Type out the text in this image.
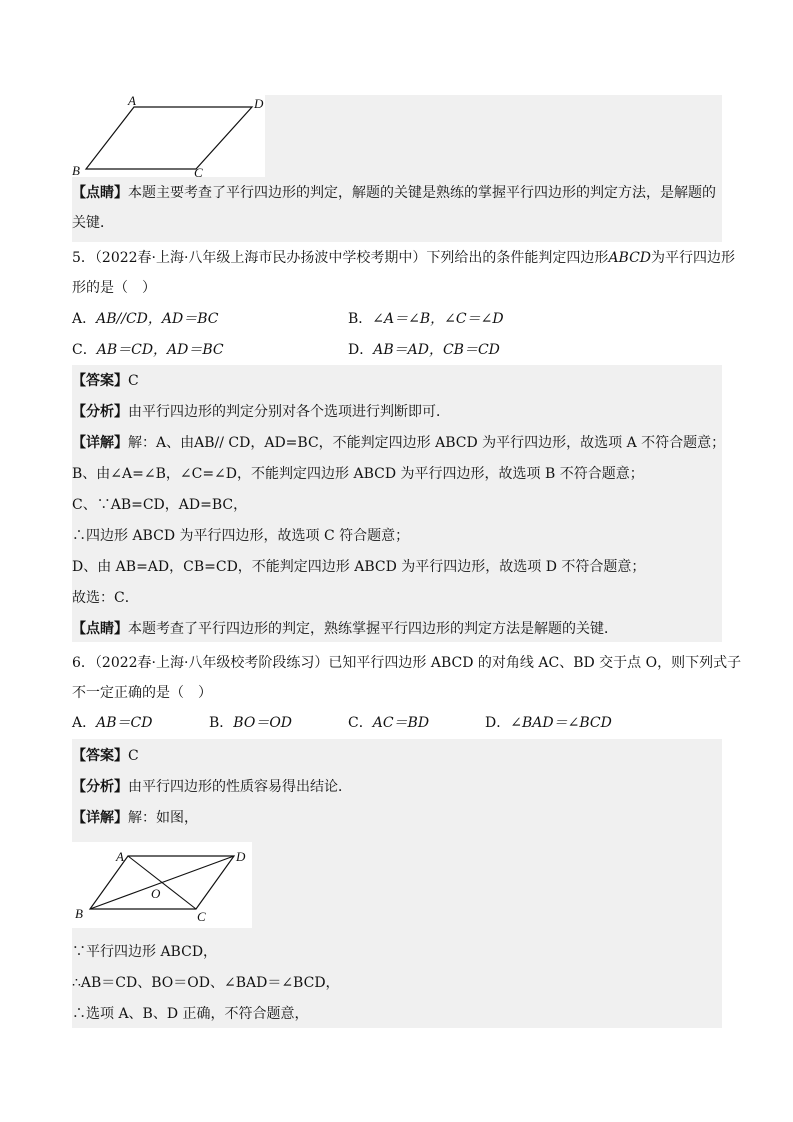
A	D
B	C
【点睛】本题主要考查了平行四边形的判定，解题的关键是熟练的掌握平行四边形的判定方法，是解题的
关键．
5．（2022春·上海·八年级上海市民办扬波中学校考期中）下列给出的条件能判定四边形ABCD为平行四边形
形的是（　）
A．AB//CD，AD＝BC	B．∠A＝∠B，∠C＝∠D
C．AB＝CD，AD＝BC	D．AB＝AD，CB＝CD
【答案】C
【分析】由平行四边形的判定分别对各个选项进行判断即可．
【详解】解：A、由AB// CD，AD=BC，不能判定四边形 ABCD 为平行四边形，故选项 A 不符合题意；
B、由∠A=∠B，∠C=∠D，不能判定四边形 ABCD 为平行四边形，故选项 B 不符合题意；
C、∵AB=CD，AD=BC，
∴四边形 ABCD 为平行四边形，故选项 C 符合题意；
D、由 AB=AD，CB=CD，不能判定四边形 ABCD 为平行四边形，故选项 D 不符合题意；
故选：C．
【点睛】本题考查了平行四边形的判定，熟练掌握平行四边形的判定方法是解题的关键．
6．（2022春·上海·八年级校考阶段练习）已知平行四边形 ABCD 的对角线 AC、BD 交于点 O，则下列式子
不一定正确的是（　）
A．AB＝CD	B．BO＝OD	C．AC＝BD	D．∠BAD＝∠BCD
【答案】C
【分析】由平行四边形的性质容易得出结论．
【详解】解：如图，
A	D
B	C
O
∵平行四边形 ABCD，
∴AB＝CD、BO＝OD、∠BAD＝∠BCD，
∴选项 A、B、D 正确，不符合题意，
